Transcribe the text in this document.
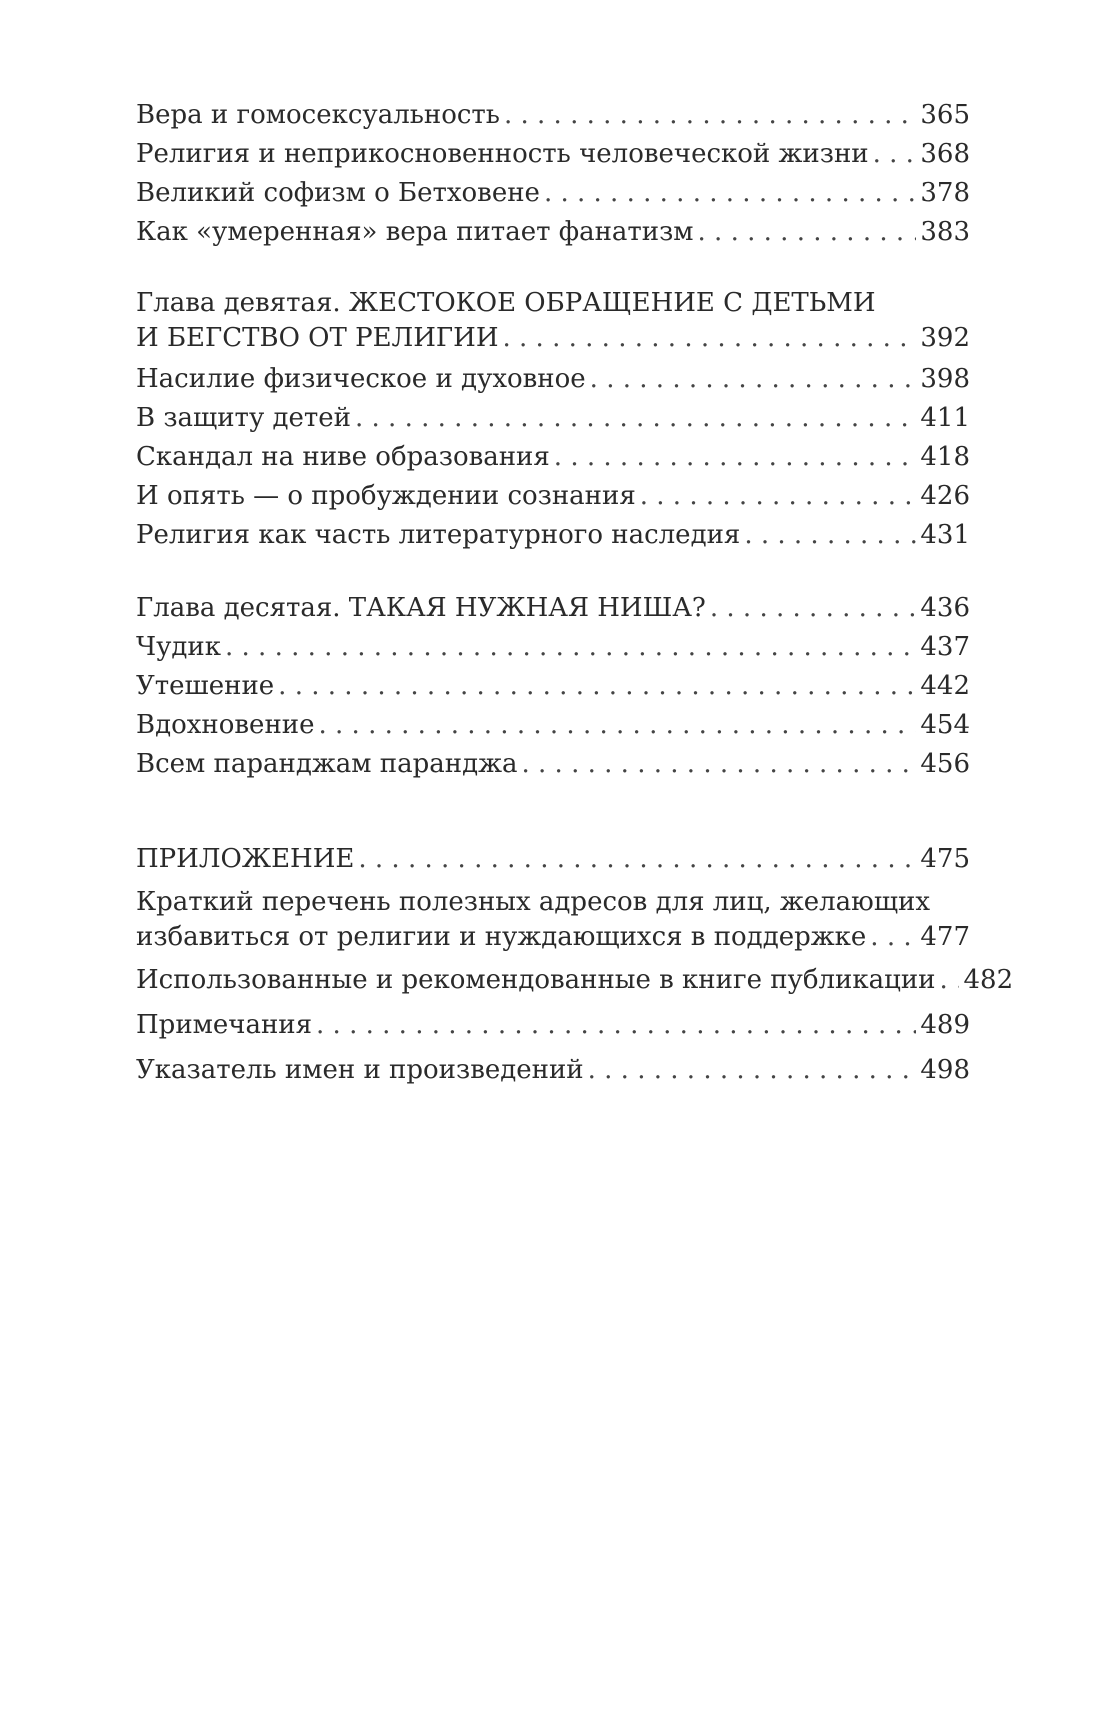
Вера и гомосексуальность . . .	365
Религия и неприкосновенность человеческой жизни . . . 368
Великий софизм о Бетховене . . .	378
Как «умеренная» вера питает фанатизм . . .	383
Глава девятая. ЖЕСТОКОЕ ОБРАЩЕНИЕ С ДЕТЬМИ
И БЕГСТВО ОТ РЕЛИГИИ . . .	392
Насилие физическое и духовное . . .	398
В защиту детей . . .	411
Скандал на ниве образования . . .	418
И опять — о пробуждении сознания . . .	426
Религия как часть литературного наследия . . .	431
Глава десятая. ТАКАЯ НУЖНАЯ НИША? . . .	436
Чудик . . .	437
Утешение . . .	442
Вдохновение . . .	454
Всем паранджам паранджа . . .	456
ПРИЛОЖЕНИЕ . . .	475
Краткий перечень полезных адресов для лиц, желающих
избавиться от религии и нуждающихся в поддержке . . . 477
Использованные и рекомендованные в книге публикации . . . 482
Примечания . . .	489
Указатель имен и произведений . . .	498
